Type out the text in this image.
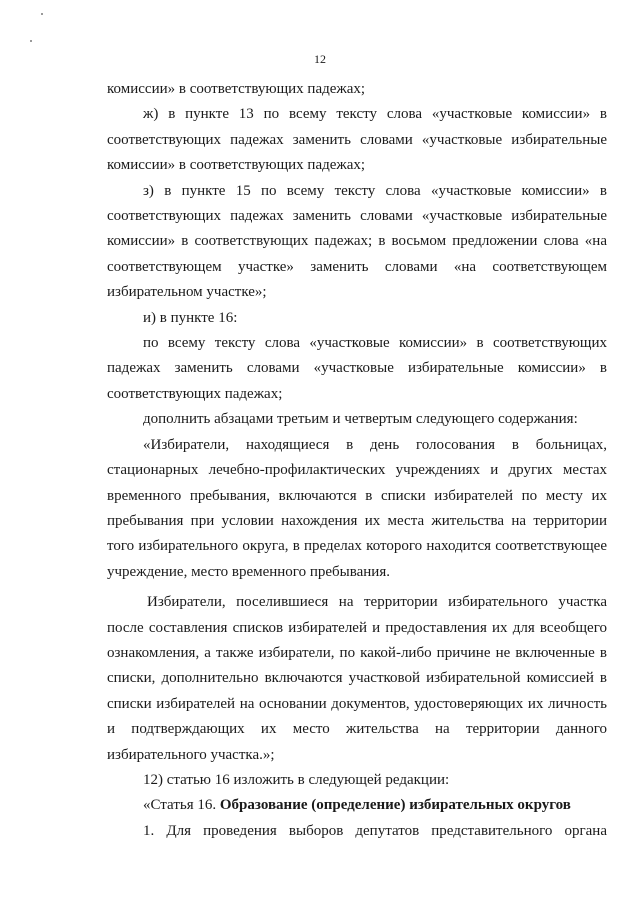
12

комиссии» в соответствующих падежах;

ж) в пункте 13 по всему тексту слова «участковые комиссии» в соответствующих падежах заменить словами «участковые избирательные комиссии» в соответствующих падежах;

з) в пункте 15 по всему тексту слова «участковые комиссии» в соответствующих падежах заменить словами «участковые избирательные комиссии» в соответствующих падежах; в восьмом предложении слова «на соответствующем участке» заменить словами «на соответствующем избирательном участке»;

и) в пункте 16:

по всему тексту слова «участковые комиссии» в соответствующих падежах заменить словами «участковые избирательные комиссии» в соответствующих падежах;

дополнить абзацами третьим и четвертым следующего содержания:

«Избиратели, находящиеся в день голосования в больницах, стационарных лечебно-профилактических учреждениях и других местах временного пребывания, включаются в списки избирателей по месту их пребывания при условии нахождения их места жительства на территории того избирательного округа, в пределах которого находится соответствующее учреждение, место временного пребывания.

Избиратели, поселившиеся на территории избирательного участка после составления списков избирателей и предоставления их для всеобщего ознакомления, а также избиратели, по какой-либо причине не включенные в списки, дополнительно включаются участковой избирательной комиссией в списки избирателей на основании документов, удостоверяющих их личность и подтверждающих их место жительства на территории данного избирательного участка.»;

12) статью 16 изложить в следующей редакции:

«Статья 16. Образование (определение) избирательных округов

1. Для проведения выборов депутатов представительного органа
